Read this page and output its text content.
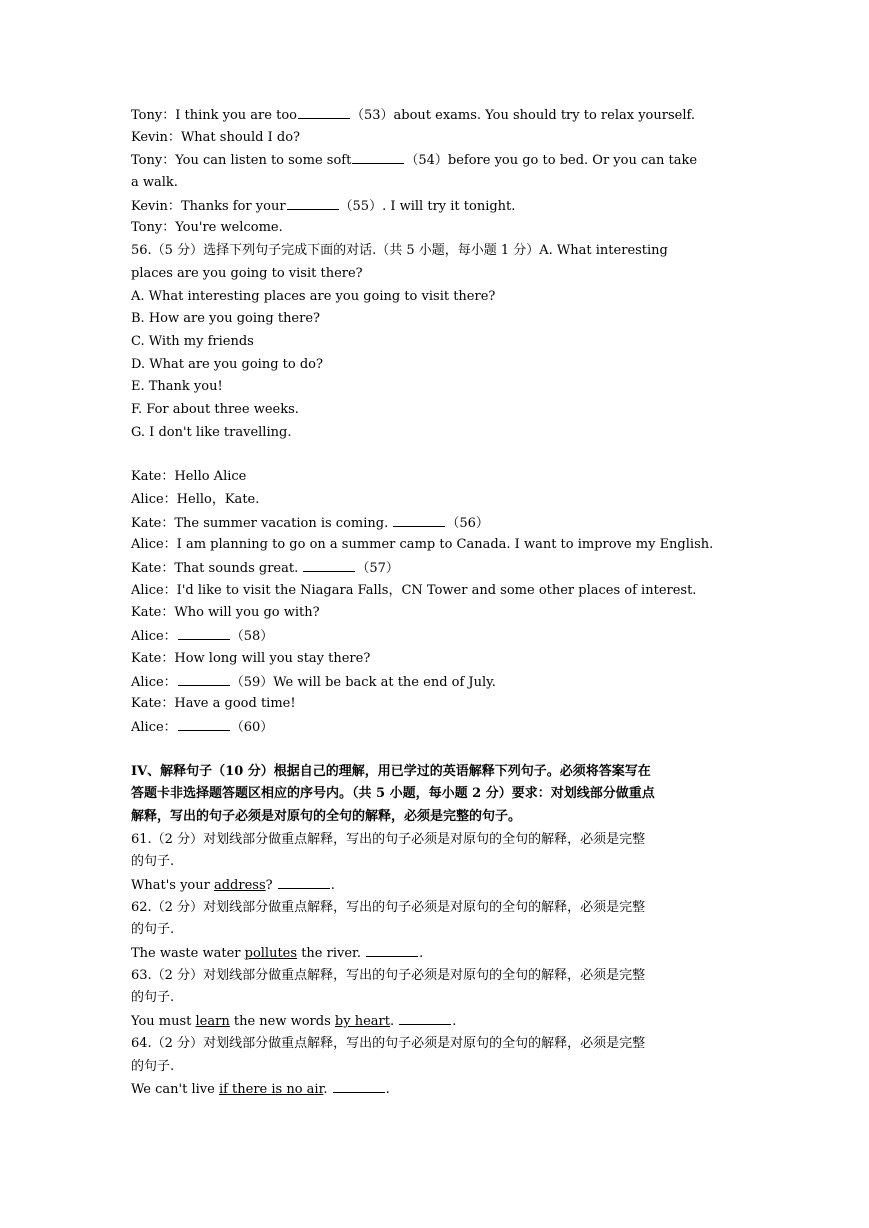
Tony：I think you are too	（53）about exams. You should try to relax yourself.
Kevin：What should I do?
Tony：You can listen to some soft	（54）before you go to bed. Or you can take
a walk.
Kevin：Thanks for your	（55）. I will try it tonight.
Tony：You're welcome.
56.（5 分）选择下列句子完成下面的对话.（共 5 小题，每小题 1 分）A. What interesting
places are you going to visit there?
A. What interesting places are you going to visit there?
B. How are you going there?
C. With my friends
D. What are you going to do?
E. Thank you!
F. For about three weeks.
G. I don't like travelling.
Kate：Hello Alice
Alice：Hello，Kate.
Kate：The summer vacation is coming.	（56）
Alice：I am planning to go on a summer camp to Canada. I want to improve my English.
Kate：That sounds great.	（57）
Alice：I'd like to visit the Niagara Falls，CN Tower and some other places of interest.
Kate：Who will you go with?
Alice：	（58）
Kate：How long will you stay there?
Alice：	（59）We will be back at the end of July.
Kate：Have a good time!
Alice：	（60）
IV、解释句子（10 分）根据自己的理解，用已学过的英语解释下列句子。必须将答案写在
答题卡非选择题答题区相应的序号内。（共 5 小题，每小题 2 分）要求：对划线部分做重点
解释，写出的句子必须是对原句的全句的解释，必须是完整的句子。
61.（2 分）对划线部分做重点解释，写出的句子必须是对原句的全句的解释，必须是完整
的句子.
What's your address?	.
62.（2 分）对划线部分做重点解释，写出的句子必须是对原句的全句的解释，必须是完整
的句子.
The waste water pollutes the river.	.
63.（2 分）对划线部分做重点解释，写出的句子必须是对原句的全句的解释，必须是完整
的句子.
You must learn the new words by heart.	.
64.（2 分）对划线部分做重点解释，写出的句子必须是对原句的全句的解释，必须是完整
的句子.
We can't live if there is no air.	.
